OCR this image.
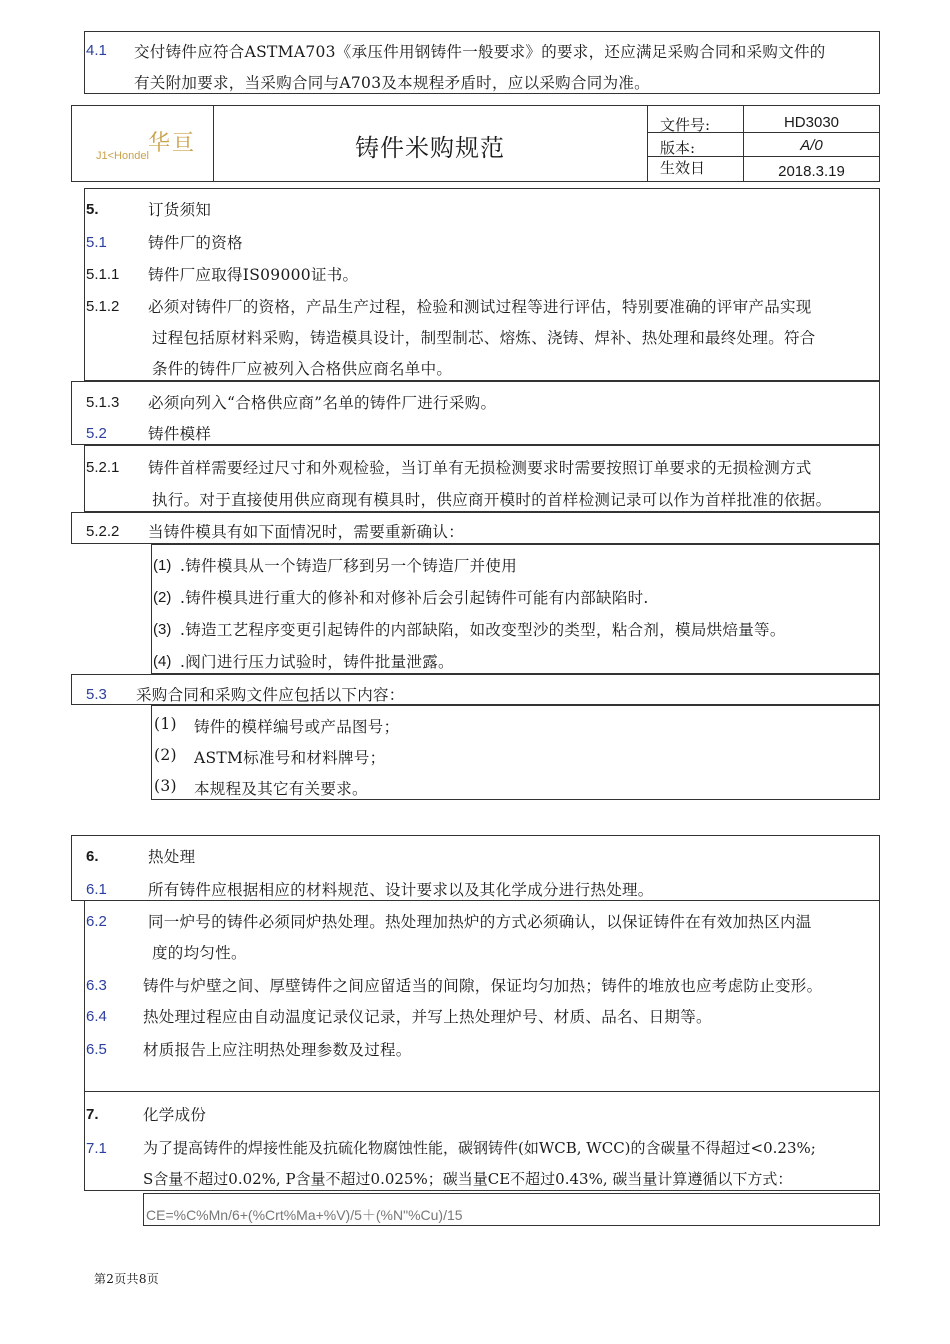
4.1 交付铸件应符合ASTMA703《承压件用钢铸件一般要求》的要求，还应满足采购合同和采购文件的
有关附加要求，当采购合同与A703及本规程矛盾时，应以采购合同为准。
华亘
J1<Hondel	铸件米购规范
文件号:	HD3030
版本:	A/0
生效日	2018.3.19
5.	订货须知
5.1	铸件厂的资格
5.1.1 铸件厂应取得IS09000证书。
5.1.2 必须对铸件厂的资格，产品生产过程，检验和测试过程等进行评估，特别要准确的评审产品实现
过程包括原材料采购，铸造模具设计，制型制芯、熔炼、浇铸、焊补、热处理和最终处理。符合
条件的铸件厂应被列入合格供应商名单中。
5.1.3 必须向列入“合格供应商”名单的铸件厂进行采购。
5.2	铸件模样
5.2.1 铸件首样需要经过尺寸和外观检验，当订单有无损检测要求时需要按照订单要求的无损检测方式
执行。对于直接使用供应商现有模具时，供应商开模时的首样检测记录可以作为首样批准的依据。
5.2.2 当铸件模具有如下面情况时，需要重新确认：
(1) .铸件模具从一个铸造厂移到另一个铸造厂并使用
(2) .铸件模具进行重大的修补和对修补后会引起铸件可能有内部缺陷时.
(3) .铸造工艺程序变更引起铸件的内部缺陷，如改变型沙的类型，粘合剂，模局烘焙量等。
(4) .阀门进行压力试验时，铸件批量泄露。
5.3 采购合同和采购文件应包括以下内容：
(1) 铸件的模样编号或产品图号；
(2) ASTM标准号和材料牌号；
(3) 本规程及其它有关要求。
6.	热处理
6.1	所有铸件应根据相应的材料规范、设计要求以及其化学成分进行热处理。
6.2	同一炉号的铸件必须同炉热处理。热处理加热炉的方式必须确认，以保证铸件在有效加热区内温
度的均匀性。
6.3 铸件与炉壁之间、厚壁铸件之间应留适当的间隙，保证均匀加热；铸件的堆放也应考虑防止变形。
6.4 热处理过程应由自动温度记录仪记录，并写上热处理炉号、材质、品名、日期等。
6.5 材质报告上应注明热处理参数及过程。
7.	化学成份
7.1 为了提高铸件的焊接性能及抗硫化物腐蚀性能，碳钢铸件(如WCB, WCC)的含碳量不得超过<0.23%;
S含量不超过0.02%, P含量不超过0.025%；碳当量CE不超过0.43%, 碳当量计算遵循以下方式：
CE=%C%Mn/6+(%Crt%Ma+%V)/5＋(%N"%Cu)/15
第2页共8页
